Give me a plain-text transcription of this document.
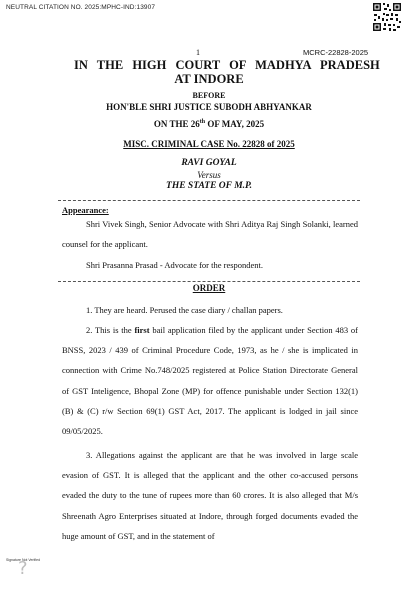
NEUTRAL CITATION NO. 2025:MPHC-IND:13907
1	MCRC-22828-2025
IN THE HIGH COURT OF MADHYA PRADESH
AT INDORE
BEFORE
HON'BLE SHRI JUSTICE SUBODH ABHYANKAR
ON THE 26th OF MAY, 2025
MISC. CRIMINAL CASE No. 22828 of 2025
RAVI GOYAL
Versus
THE STATE OF M.P.
Appearance:
Shri Vivek Singh, Senior Advocate with Shri Aditya Raj Singh Solanki, learned counsel for the applicant.
Shri Prasanna Prasad - Advocate for the respondent.
ORDER
1. They are heard. Perused the case diary / challan papers.
2. This is the first bail application filed by the applicant under Section 483 of BNSS, 2023 / 439 of Criminal Procedure Code, 1973, as he / she is implicated in connection with Crime No.748/2025 registered at Police Station Directorate General of GST Inteligence, Bhopal Zone (MP) for offence punishable under Section 132(1)(B) & (C) r/w Section 69(1) GST Act, 2017. The applicant is lodged in jail since 09/05/2025.
3. Allegations against the applicant are that he was involved in large scale evasion of GST. It is alleged that the applicant and the other co-accused persons evaded the duty to the tune of rupees more than 60 crores. It is also alleged that M/s Shreenath Agro Enterprises situated at Indore, through forged documents evaded the huge amount of GST, and in the statement of
?
Signature Not Verified
